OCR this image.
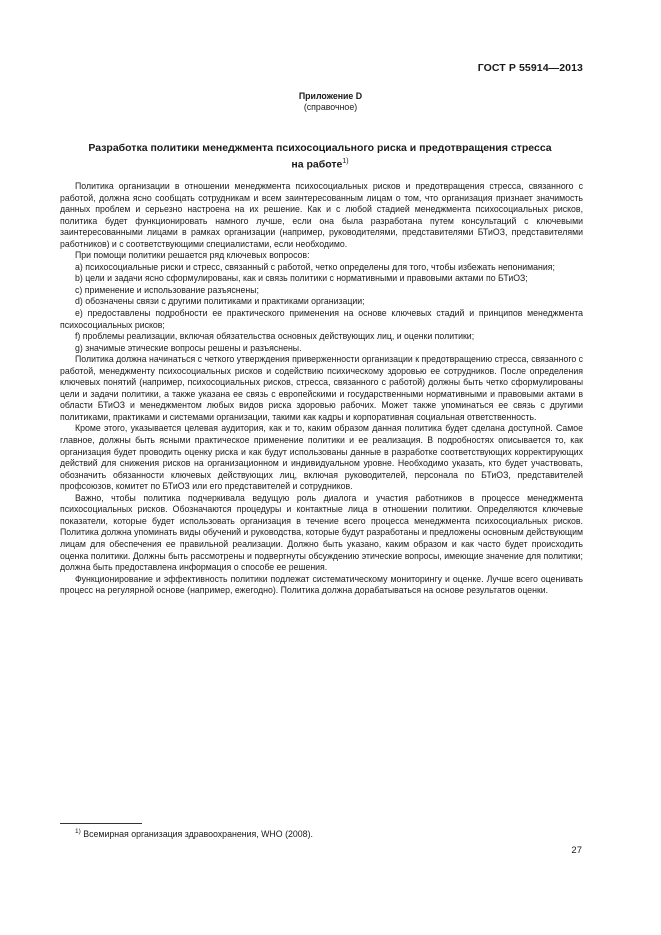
ГОСТ Р 55914—2013
Приложение D
(справочное)
Разработка политики менеджмента психосоциального риска и предотвращения стресса
на работе$^{1)}$

Политика организации в отношении менеджмента психосоциальных рисков и предотвращения стресса, связанного с работой, должна ясно сообщать сотрудникам и всем заинтересованным лицам о том, что организация признает значимость данных проблем и серьезно настроена на их решение. Как и с любой стадией менеджмента психосоциальных рисков, политика будет функционировать намного лучше, если она была разработана путем консультаций с ключевыми заинтересованными лицами в рамках организации (например, руководителями, представителями БТиОЗ, представителями работников) и с соответствующими специалистами, если необходимо.

При помощи политики решается ряд ключевых вопросов:

а) психосоциальные риски и стресс, связанный с работой, четко определены для того, чтобы избежать непонимания;

b) цели и задачи ясно сформулированы, как и связь политики с нормативными и правовыми актами по БТиОЗ;

с) применение и использование разъяснены;

d) обозначены связи с другими политиками и практиками организации;

е) предоставлены подробности ее практического применения на основе ключевых стадий и принципов менеджмента психосоциальных рисков;

f) проблемы реализации, включая обязательства основных действующих лиц, и оценки политики;

g) значимые этические вопросы решены и разъяснены.

Политика должна начинаться с четкого утверждения приверженности организации к предотвращению стресса, связанного с работой, менеджменту психосоциальных рисков и содействию психическому здоровью ее сотрудников. После определения ключевых понятий (например, психосоциальных рисков, стресса, связанного с работой) должны быть четко сформулированы цели и задачи политики, а также указана ее связь с европейскими и государственными нормативными и правовыми актами в области БТиОЗ и менеджментом любых видов риска здоровью рабочих. Может также упоминаться ее связь с другими политиками, практиками и системами организации, такими как кадры и корпоративная социальная ответственность.

Кроме этого, указывается целевая аудитория, как и то, каким образом данная политика будет сделана доступной. Самое главное, должны быть ясными практическое применение политики и ее реализация. В подробностях описывается то, как организация будет проводить оценку риска и как будут использованы данные в разработке соответствующих корректирующих действий для снижения рисков на организационном и индивидуальном уровне. Необходимо указать, кто будет участвовать, обозначить обязанности ключевых действующих лиц, включая руководителей, персонала по БТиОЗ, представителей профсоюзов, комитет по БТиОЗ или его представителей и сотрудников.

Важно, чтобы политика подчеркивала ведущую роль диалога и участия работников в процессе менеджмента психосоциальных рисков. Обозначаются процедуры и контактные лица в отношении политики. Определяются ключевые показатели, которые будет использовать организация в течение всего процесса менеджмента психосоциальных рисков. Политика должна упоминать виды обучений и руководства, которые будут разработаны и предложены основным действующим лицам для обеспечения ее правильной реализации. Должно быть указано, каким образом и как часто будет происходить оценка политики. Должны быть рассмотрены и подвергнуты обсуждению этические вопросы, имеющие значение для политики; должна быть предоставлена информация о способе ее решения.

Функционирование и эффективность политики подлежат систематическому мониторингу и оценке. Лучше всего оценивать процесс на регулярной основе (например, ежегодно). Политика должна дорабатываться на основе результатов оценки.

$^{1)}$ Всемирная организация здравоохранения, WHO (2008).
27
